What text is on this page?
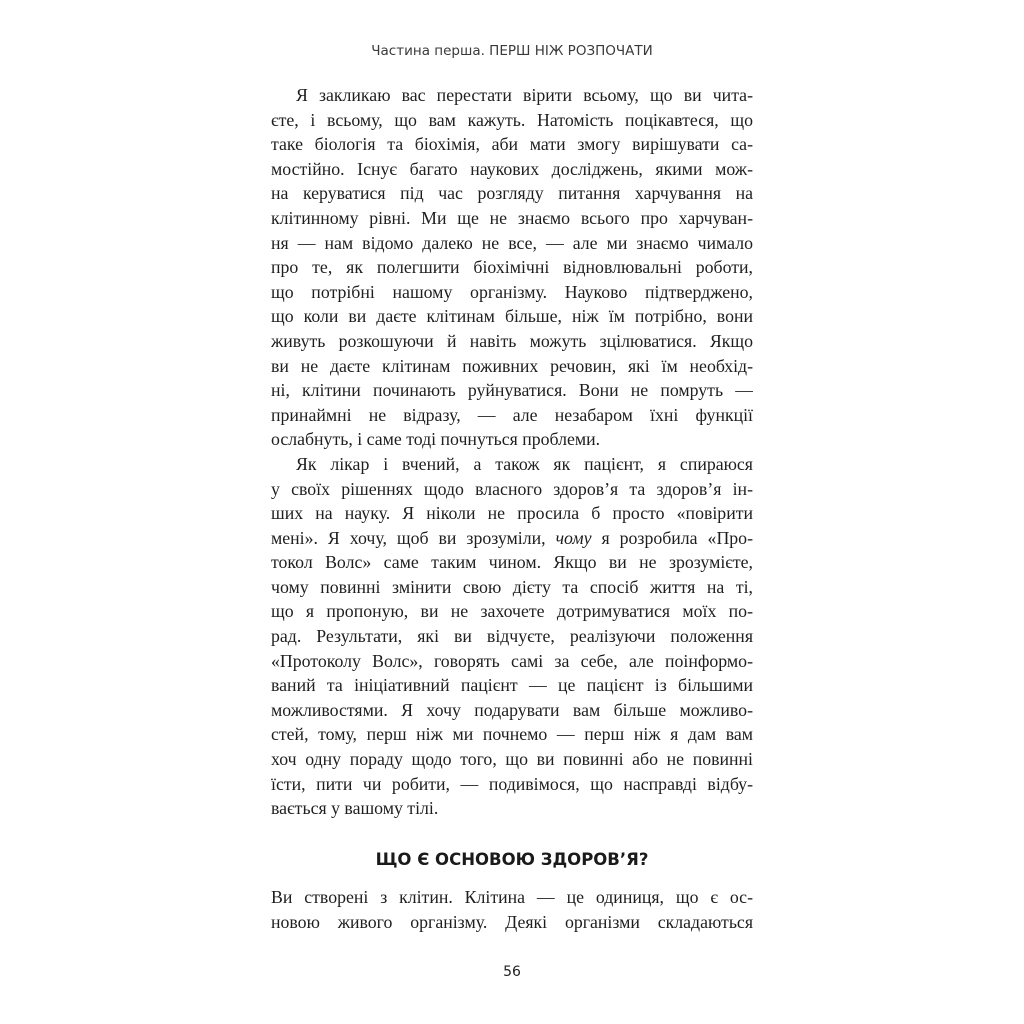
Частина перша. ПЕРШ НІЖ РОЗПОЧАТИ
Я закликаю вас перестати вірити всьому, що ви чита-
єте, і всьому, що вам кажуть. Натомість поцікавтеся, що
таке біологія та біохімія, аби мати змогу вирішувати са-
мостійно. Існує багато наукових досліджень, якими мож-
на керуватися під час розгляду питання харчування на
клітинному рівні. Ми ще не знаємо всього про харчуван-
ня — нам відомо далеко не все, — але ми знаємо чимало
про те, як полегшити біохімічні відновлювальні роботи,
що потрібні нашому організму. Науково підтверджено,
що коли ви даєте клітинам більше, ніж їм потрібно, вони
живуть розкошуючи й навіть можуть зцілюватися. Якщо
ви не даєте клітинам поживних речовин, які їм необхід-
ні, клітини починають руйнуватися. Вони не помруть —
принаймні не відразу, — але незабаром їхні функції
ослабнуть, і саме тоді почнуться проблеми.
Як лікар і вчений, а також як пацієнт, я спираюся
у своїх рішеннях щодо власного здоров’я та здоров’я ін-
ших на науку. Я ніколи не просила б просто «повірити
мені». Я хочу, щоб ви зрозуміли, чому я розробила «Про-
токол Волс» саме таким чином. Якщо ви не зрозумієте,
чому повинні змінити свою дієту та спосіб життя на ті,
що я пропоную, ви не захочете дотримуватися моїх по-
рад. Результати, які ви відчуєте, реалізуючи положення
«Протоколу Волс», говорять самі за себе, але поінформо-
ваний та ініціативний пацієнт — це пацієнт із більшими
можливостями. Я хочу подарувати вам більше можливо-
стей, тому, перш ніж ми почнемо — перш ніж я дам вам
хоч одну пораду щодо того, що ви повинні або не повинні
їсти, пити чи робити, — подивімося, що насправді відбу-
вається у вашому тілі.
ЩО Є ОСНОВОЮ ЗДОРОВ’Я?
Ви створені з клітин. Клітина — це одиниця, що є ос-
новою живого організму. Деякі організми складаються
56
